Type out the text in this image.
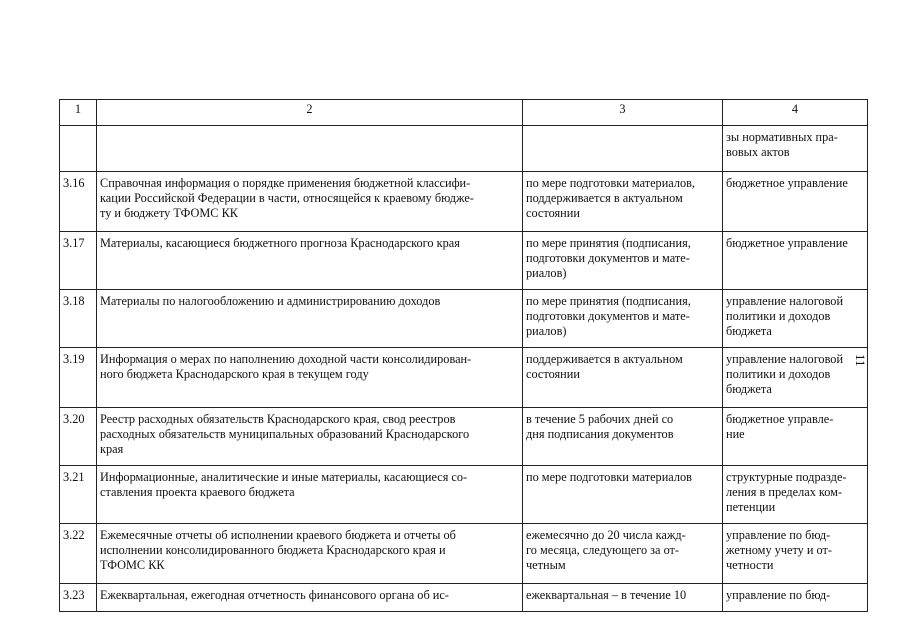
11
1	2	3	4

			зы нормативных пра-
вовых актов

3.16	Справочная информация о порядке применения бюджетной классифи-
кации Российской Федерации в части, относящейся к краевому бюдже-
ту и бюджету ТФОМС КК	по мере подготовки материалов,
поддерживается в актуальном
состоянии	бюджетное управление

3.17	Материалы, касающиеся бюджетного прогноза Краснодарского края	по мере принятия (подписания,
подготовки документов и мате-
риалов)	бюджетное управление

3.18	Материалы по налогообложению и администрированию доходов	по мере принятия (подписания,
подготовки документов и мате-
риалов)	управление налоговой
политики и доходов
бюджета

3.19	Информация о мерах по наполнению доходной части консолидирован-
ного бюджета Краснодарского края в текущем году	поддерживается в актуальном
состоянии	управление налоговой
политики и доходов
бюджета

3.20	Реестр расходных обязательств Краснодарского края, свод реестров
расходных обязательств муниципальных образований Краснодарского
края	в течение 5 рабочих дней со
дня подписания документов	бюджетное управле-
ние

3.21	Информационные, аналитические и иные материалы, касающиеся со-
ставления проекта краевого бюджета	по мере подготовки материалов	структурные подразде-
ления в пределах ком-
петенции

3.22	Ежемесячные отчеты об исполнении краевого бюджета и отчеты об
исполнении консолидированного бюджета Краснодарского края и
ТФОМС КК	ежемесячно до 20 числа кажд-
го месяца, следующего за от-
четным	управление по бюд-
жетному учету и от-
четности

3.23	Ежеквартальная, ежегодная отчетность финансового органа об ис-	ежеквартальная – в течение 10	управление по бюд-
